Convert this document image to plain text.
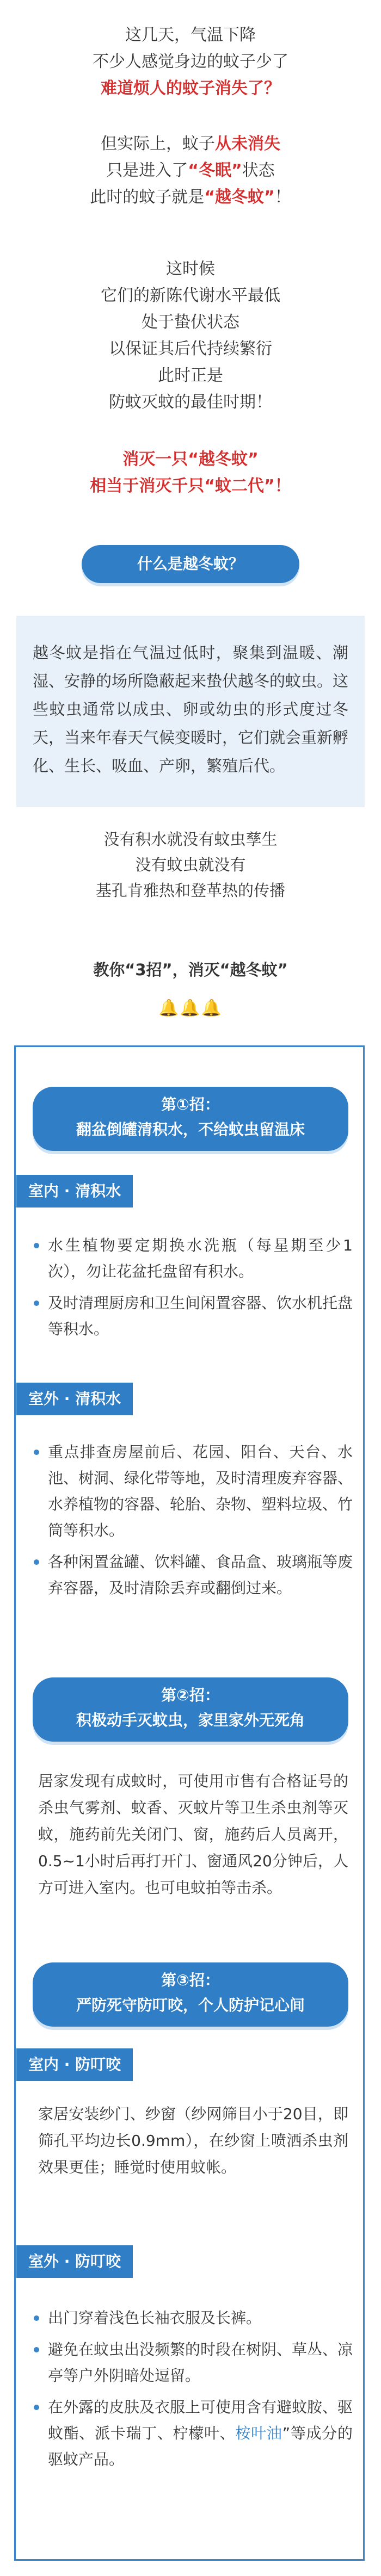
这几天，气温下降

不少人感觉身边的蚊子少了

难道烦人的蚊子消失了？

但实际上，蚊子从未消失

只是进入了“冬眠”状态

此时的蚊子就是“越冬蚊”！

这时候

它们的新陈代谢水平最低

处于蛰伏状态

以保证其后代持续繁衍

此时正是

防蚊灭蚊的最佳时期！

消灭一只“越冬蚊”

相当于消灭千只“蚊二代”！

什么是越冬蚊？

越冬蚊是指在气温过低时，聚集到温暖、潮湿、安静的场所隐蔽起来蛰伏越冬的蚊虫。这些蚊虫通常以成虫、卵或幼虫的形式度过冬天，当来年春天气候变暖时，它们就会重新孵化、生长、吸血、产卵，繁殖后代。

没有积水就没有蚊虫孳生
没有蚊虫就没有
基孔肯雅热和登革热的传播
教你“3招”，消灭“越冬蚊”
🔔🔔🔔
第①招：
翻盆倒罐清积水，不给蚊虫留温床
室内 · 清积水
水生植物要定期换水洗瓶（每星期至少1次），勿让花盆托盘留有积水。
及时清理厨房和卫生间闲置容器、饮水机托盘等积水。
室外 · 清积水
重点排查房屋前后、花园、阳台、天台、水池、树洞、绿化带等地，及时清理废弃容器、水养植物的容器、轮胎、杂物、塑料垃圾、竹筒等积水。
各种闲置盆罐、饮料罐、食品盒、玻璃瓶等废弃容器，及时清除丢弃或翻倒过来。
第②招：
积极动手灭蚊虫，家里家外无死角

居家发现有成蚊时，可使用市售有合格证号的杀虫气雾剂、蚊香、灭蚊片等卫生杀虫剂等灭蚊，施药前先关闭门、窗，施药后人员离开，0.5~1小时后再打开门、窗通风20分钟后，人方可进入室内。也可电蚊拍等击杀。

第③招：
严防死守防叮咬，个人防护记心间
室内 · 防叮咬

家居安装纱门、纱窗（纱网筛目小于20目，即筛孔平均边长0.9mm），在纱窗上喷洒杀虫剂效果更佳；睡觉时使用蚊帐。

室外 · 防叮咬
出门穿着浅色长袖衣服及长裤。
避免在蚊虫出没频繁的时段在树阴、草丛、凉亭等户外阴暗处逗留。
在外露的皮肤及衣服上可使用含有避蚊胺、驱蚊酯、派卡瑞丁、柠檬叶、桉叶油”等成分的驱蚊产品。
